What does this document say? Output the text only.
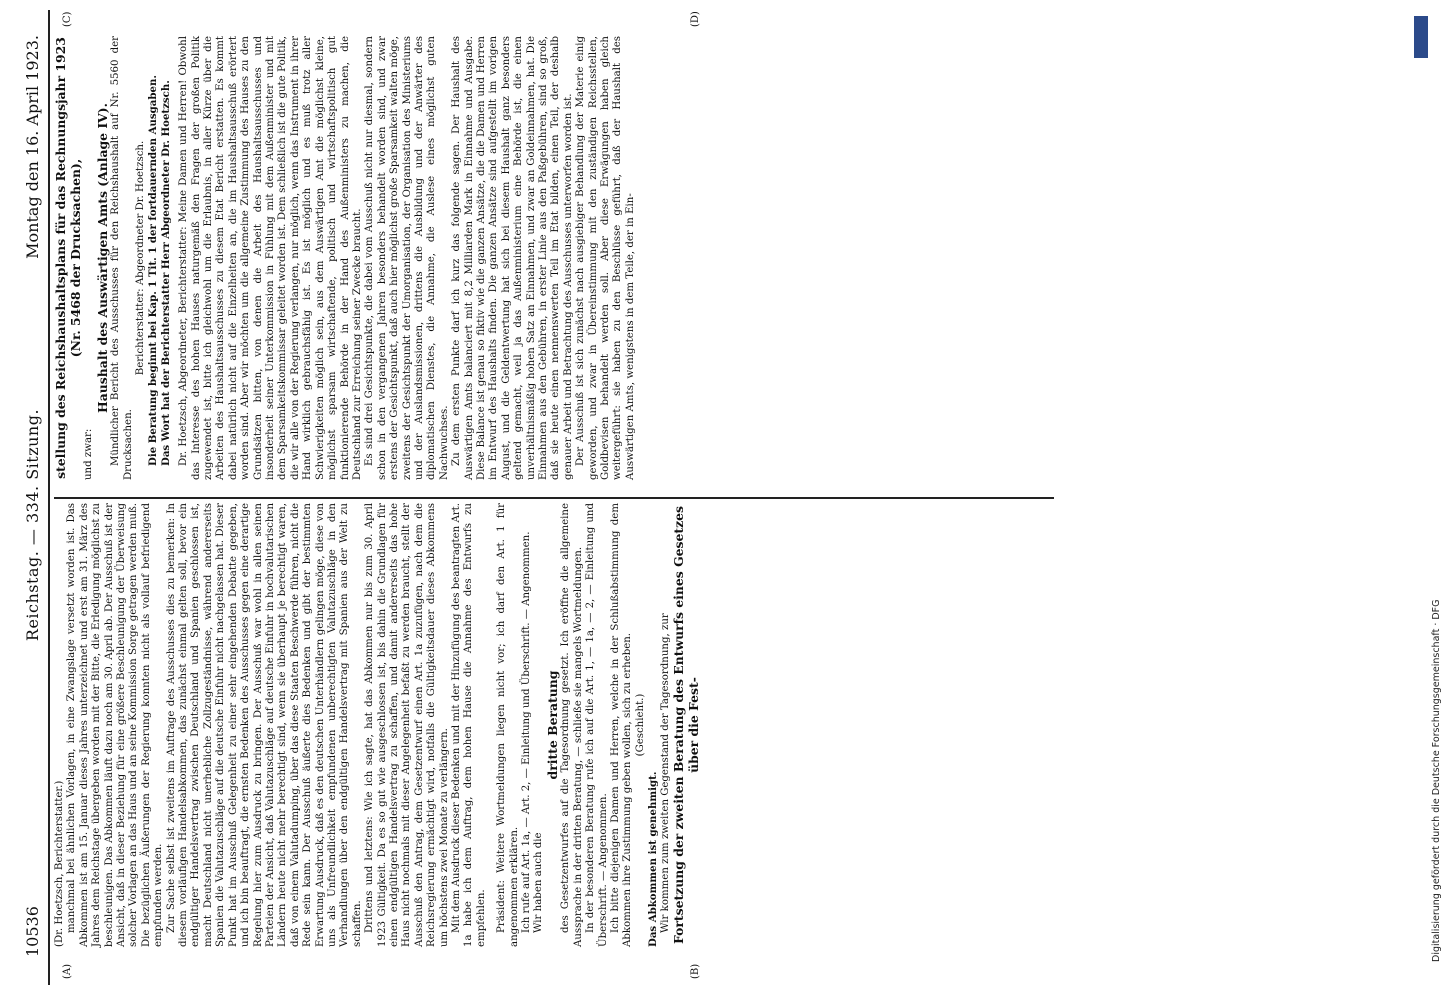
10536
Reichstag. — 334. Sitzung.
Montag den 16. April 1923.
(A)	(B)
(C)	(D)

(Dr. Hoetzsch, Berichterstatter.) manchmal bei ähnlichen Vorlagen, in eine Zwangslage versetzt worden ist. Das Abkommen ist am 15. Januar dieses Jahres unterzeichnet und erst am 31. März des Jahres dem Reichstage übergeben worden mit der Bitte, die Erledigung möglichst zu beschleunigen. Das Abkommen läuft dazu noch am 30. April ab. Der Ausschuß ist der Ansicht, daß in dieser Beziehung für eine größere Beschleunigung der Überweisung solcher Vorlagen an das Haus und an seine Kommission Sorge getragen werden muß. Die bezüglichen Äußerungen der Regierung konnten nicht als vollauf befriedigend empfunden werden. Zur Sache selbst ist zweitens im Auftrage des Ausschusses dies zu bemerken: In diesem vorläufigen Handelsabkommen, das zunächst einmal gelten soll, bevor ein endgültiger Handelsvertrag zwischen Deutschland und Spanien geschlossen ist, macht Deutschland nicht unerhebliche Zollzugeständnisse, während andererseits Spanien die Valutazuschläge auf die deutsche Einfuhr nicht nachgelassen hat. Dieser Punkt hat im Ausschuß Gelegenheit zu einer sehr eingehenden Debatte gegeben, und ich bin beauftragt, die ernsten Bedenken des Ausschusses gegen eine derartige Regelung hier zum Ausdruck zu bringen. Der Ausschuß war wohl in allen seinen Parteien der Ansicht, daß Valutazuschläge auf deutsche Einfuhr in hochvalutarischen Ländern heute nicht mehr berechtigt sind, wenn sie überhaupt je berechtigt waren, daß von einem Valutadumping, über das diese Staaten Beschwerde führen, nicht die Rede sein kann. Der Ausschuß äußerte dies Bedenken und gibt der bestimmten Erwartung Ausdruck, daß es den deutschen Unterhändlern gelingen möge, diese von uns als Unfreundlichkeit empfundenen unberechtigten Valutazuschläge in den Verhandlungen über den endgültigen Handelsvertrag mit Spanien aus der Welt zu schaffen. Drittens und letztens: Wie ich sagte, hat das Abkommen nur bis zum 30. April 1923 Gültigkeit. Da es so gut wie ausgeschlossen ist, bis dahin die Grundlagen für einen endgültigen Handelsvertrag zu schaffen, und damit andererseits das hohe Haus nicht nochmals mit dieser Angelegenheit befaßt zu werden braucht, stellt der Ausschuß den Antrag, dem Gesetzentwurf einen Art. 1a zuzufügen, nach dem die Reichsregierung ermächtigt wird, notfalls die Gültigkeitsdauer dieses Abkommens um höchstens zwei Monate zu verlängern. Mit dem Ausdruck dieser Bedenken und mit der Hinzufügung des beantragten Art. 1a habe ich dem Auftrag, dem hohen Hause die Annahme des Entwurfs zu empfehlen. Präsident: Weitere Wortmeldungen liegen nicht vor; ich darf den Art. 1 für angenommen erklären. Ich rufe auf Art. 1a, — Art. 2, — Einleitung und Überschrift. — Angenommen. Wir haben auch die

dritte Beratung des Gesetzentwurfes auf die Tagesordnung gesetzt. Ich eröffne die allgemeine Aussprache in der dritten Beratung, — schließe sie mangels Wortmeldungen. In der besonderen Beratung rufe ich auf die Art. 1, — 1a, — 2, — Einleitung und Überschrift. — Angenommen. Ich bitte diejenigen Damen und Herren, welche in der Schlußabstimmung dem Abkommen ihre Zustimmung geben wollen, sich zu erheben. (Geschieht.)

Das Abkommen ist genehmigt. Wir kommen zum zweiten Gegenstand der Tagesordnung, zur Fortsetzung der zweiten Beratung des Entwurfs eines Gesetzes über die Fest-

stellung des Reichshaushaltsplans für das Rechnungsjahr 1923 (Nr. 5468 der Drucksachen),

und zwar:

Haushalt des Auswärtigen Amts (Anlage IV). Mündlicher Bericht des Ausschusses für den Reichshaushalt auf Nr. 5560 der Drucksachen.

Berichterstatter: Abgeordneter Dr. Hoetzsch. Die Beratung beginnt bei Kap. 1 Tit. 1 der fortdauernden Ausgaben. Das Wort hat der Berichterstatter Herr Abgeordneter Dr. Hoetzsch. Dr. Hoetzsch, Abgeordneter, Berichterstatter: Meine Damen und Herren! Obwohl das Interesse des hohen Hauses naturgemäß den Fragen der großen Politik zugewendet ist, bitte ich gleichwohl um die Erlaubnis, in aller Kürze über die Arbeiten des Haushaltsausschusses zu diesem Etat Bericht erstatten. Es kommt dabei natürlich nicht auf die Einzelheiten an, die im Haushaltsausschuß erörtert worden sind. Aber wir möchten um die allgemeine Zustimmung des Hauses zu den Grundsätzen bitten, von denen die Arbeit des Haushaltsausschusses und insonderheit seiner Unterkommission in Fühlung mit dem Außenminister und mit dem Sparsamkeitskommissar geleitet worden ist. Dem schließlich ist die gute Politik, die wir alle von der Regierung verlangen, nur möglich, wenn das Instrument in ihrer Hand wirklich gebrauchsfähig ist. Es ist möglich und es muß trotz aller Schwierigkeiten möglich sein, aus dem Auswärtigen Amt die möglichst kleine, möglichst sparsam wirtschaftende, politisch und wirtschaftspolitisch gut funktionierende Behörde in der Hand des Außenministers zu machen, die Deutschland zur Erreichung seiner Zwecke braucht. Es sind drei Gesichtspunkte, die dabei vom Ausschuß nicht nur diesmal, sondern schon in den vergangenen Jahren besonders behandelt worden sind, und zwar erstens der Gesichtspunkt, daß auch hier möglichst große Sparsamkeit walten möge, zweitens der Gesichtspunkt der Umorganisation, der Organisation des Ministeriums und der Auslandsmissionen, drittens die Ausbildung und der Anwärter des diplomatischen Dienstes, die Annahme, die Auslese eines möglichst guten Nachwuchses. Zu dem ersten Punkte darf ich kurz das folgende sagen. Der Haushalt des Auswärtigen Amts balanciert mit 8,2 Milliarden Mark in Einnahme und Ausgabe. Diese Balance ist genau so fiktiv wie die ganzen Ansätze, die die Damen und Herren im Entwurf des Haushalts finden. Die ganzen Ansätze sind aufgestellt im vorigen August, und die Geldentwertung hat sich bei diesem Haushalt ganz besonders geltend gemacht, weil ja das Außenministerium eine Behörde ist, die einen unverhältnismäßig hohen Satz an Einnahmen, und zwar an Goldeinnahmen, hat. Die Einnahmen aus den Gebühren, in erster Linie aus den Paßgebühren, sind so groß, daß sie heute einen nennenswerten Teil im Etat bilden, einen Teil, der deshalb genauer Arbeit und Betrachtung des Ausschusses unterworfen worden ist. Der Ausschuß ist sich zunächst nach ausgiebiger Behandlung der Materie einig geworden, und zwar in Übereinstimmung mit den zuständigen Reichsstellen, Goldbevisen behandelt werden soll. Aber diese Erwägungen haben gleich weitergeführt: sie haben zu den Beschlüsse geführt, daß der Haushalt des Auswärtigen Amts, wenigstens in dem Teile, der in Ein-

Digitalisierung gefördert durch die Deutsche Forschungsgemeinschaft · DFG
